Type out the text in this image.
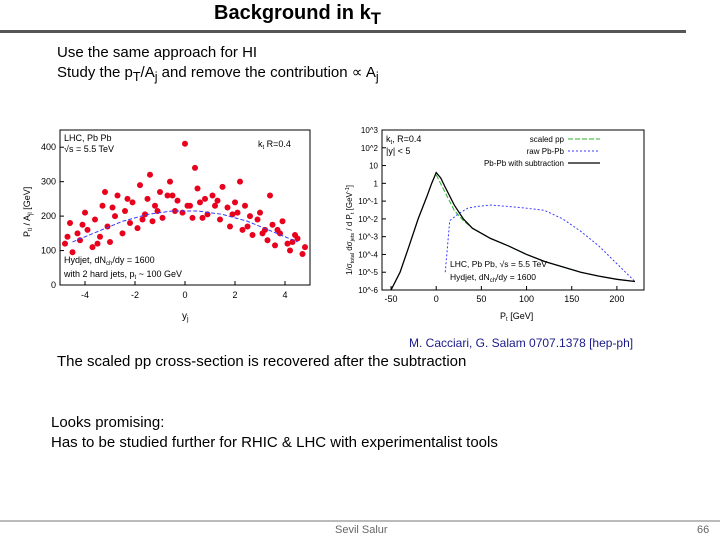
Background in $k_T$
Use the same approach for HI
Study the $p_T/A_j$ and remove the contribution ∝ $A_j$
-4	-2	0	2	4
0
100
200
300
400
LHC, Pb Pb
√s = 5.5 TeV	$k_t$ R=0.4
Hydjet, $dN_{ch}/dy = 1600$
with 2 hard jets, $p_t$ ~ 100 GeV
$P_{tl} / A_{jl}$ [GeV]
$y_j$
-50	0	50	100	150	200
10^3
10^2
10
1
10^-1
10^-2
10^-3
10^-4
10^-5
10^-6
$k_t$, R=0.4
|y| < 5
scaled pp
raw Pb-Pb
Pb-Pb with subtraction
LHC, Pb Pb, √s = 5.5 TeV
Hydjet, $dN_{ch}/dy = 1600$
$1/\sigma_{total}$ $d\sigma_{jets}$ / d $P_t$ [GeV$^{-1}$]
$P_t$ [GeV]
M. Cacciari, G. Salam 0707.1378 [hep-ph]
The scaled pp cross-section is recovered after the subtraction
Looks promising:
Has to be studied further for RHIC & LHC with experimentalist tools
Sevil Salur	66
